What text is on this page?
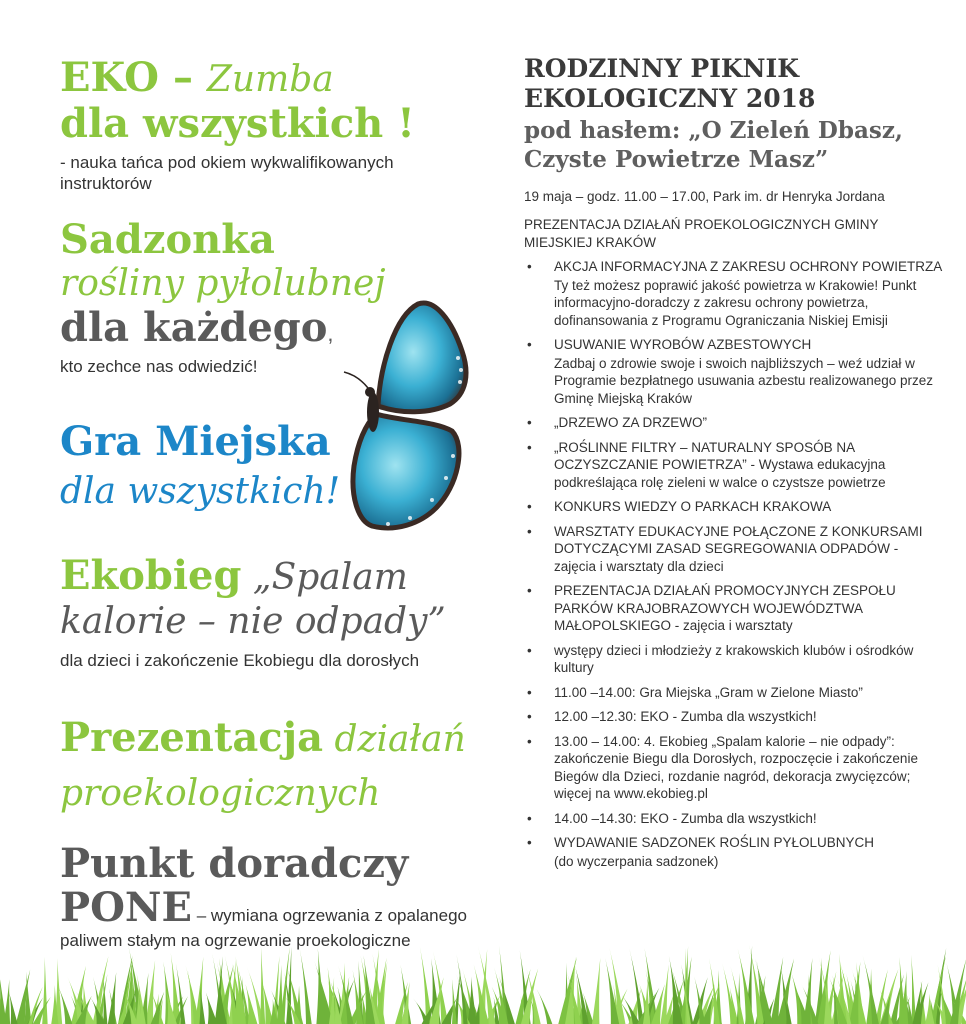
EKO – Zumba
dla wszystkich !
- nauka tańca pod okiem wykwalifikowanych instruktorów
Sadzonka
rośliny pyłolubnej
dla każdego,
kto zechce nas odwiedzić!
Gra Miejska
dla wszystkich!
Ekobieg „Spalam
kalorie – nie odpady”
dla dzieci i zakończenie Ekobiegu dla dorosłych
Prezentacja działań
proekologicznych
Punkt doradczy
PONE – wymiana ogrzewania z opalanego
paliwem stałym na ogrzewanie proekologiczne
RODZINNY PIKNIK
EKOLOGICZNY 2018
pod hasłem: „O Zieleń Dbasz,
Czyste Powietrze Masz”
19 maja – godz. 11.00 – 17.00, Park im. dr Henryka Jordana
PREZENTACJA DZIAŁAŃ PROEKOLOGICZNYCH GMINY MIEJSKIEJ KRAKÓW
• AKCJA INFORMACYJNA Z ZAKRESU OCHRONY POWIETRZA
Ty też możesz poprawić jakość powietrza w Krakowie! Punkt informacyjno-doradczy z zakresu ochrony powietrza, dofinansowania z Programu Ograniczania Niskiej Emisji
• USUWANIE WYROBÓW AZBESTOWYCH
Zadbaj o zdrowie swoje i swoich najbliższych – weź udział w Programie bezpłatnego usuwania azbestu realizowanego przez Gminę Miejską Kraków
• „DRZEWO ZA DRZEWO”
• „ROŚLINNE FILTRY – NATURALNY SPOSÓB NA OCZYSZCZANIE POWIETRZA” - Wystawa edukacyjna podkreślająca rolę zieleni w walce o czystsze powietrze
• KONKURS WIEDZY O PARKACH KRAKOWA
• WARSZTATY EDUKACYJNE POŁĄCZONE Z KONKURSAMI DOTYCZĄCYMI ZASAD SEGREGOWANIA ODPADÓW - zajęcia i warsztaty dla dzieci
• PREZENTACJA DZIAŁAŃ PROMOCYJNYCH ZESPOŁU PARKÓW KRAJOBRAZOWYCH WOJEWÓDZTWA MAŁOPOLSKIEGO - zajęcia i warsztaty
• występy dzieci i młodzieży z krakowskich klubów i ośrodków kultury
• 11.00 –14.00: Gra Miejska „Gram w Zielone Miasto”
• 12.00 –12.30: EKO - Zumba dla wszystkich!
• 13.00 – 14.00: 4. Ekobieg „Spalam kalorie – nie odpady”: zakończenie Biegu dla Dorosłych, rozpoczęcie i zakończenie Biegów dla Dzieci, rozdanie nagród, dekoracja zwycięzców; więcej na www.ekobieg.pl
• 14.00 –14.30: EKO - Zumba dla wszystkich!
• WYDAWANIE SADZONEK ROŚLIN PYŁOLUBNYCH
(do wyczerpania sadzonek)
